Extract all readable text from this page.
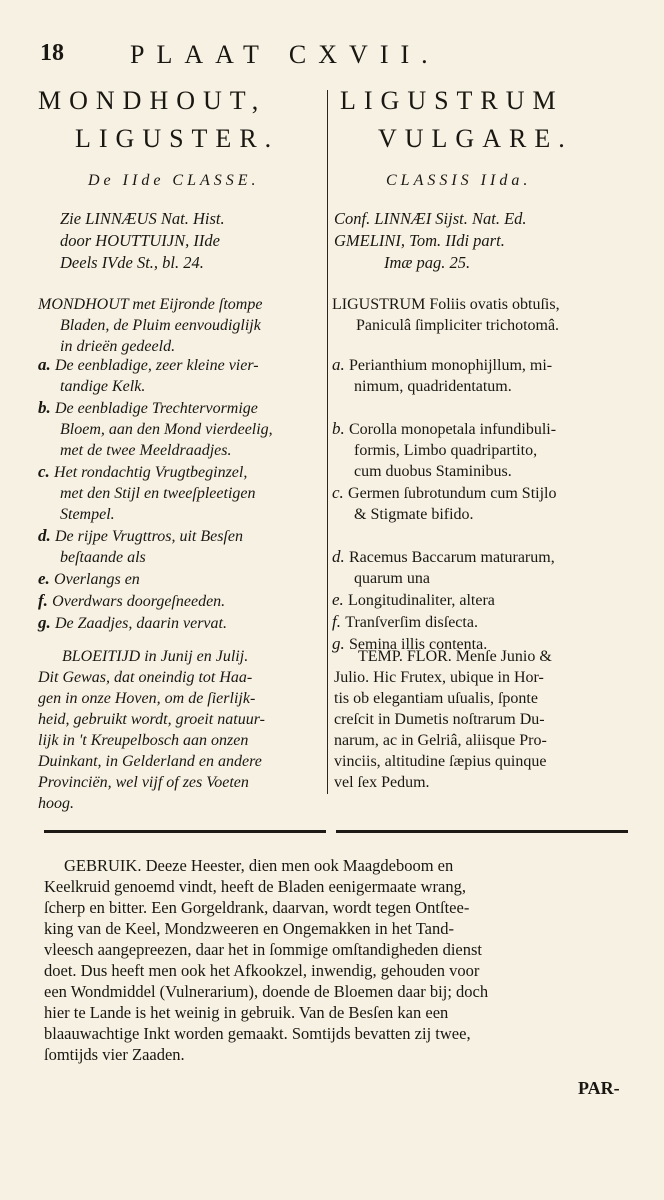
18	PLAAT CXVII.
MONDHOUT,
LIGUSTER.
LIGUSTRUM
VULGARE.
De IIde CLASSE.	CLASSIS IIda.
Zie LINNÆUS Nat. Hist.
door HOUTTUIJN, IIde
Deels IVde St., bl. 24.
Conf. LINNÆI Sijst. Nat. Ed.
GMELINI, Tom. IIdi part.
Imæ pag. 25.
MONDHOUT met Eijronde ſtompe
Bladen, de Pluim eenvoudiglijk
in drieën gedeeld.
LIGUSTRUM Foliis ovatis obtuſis,
Paniculâ ſimpliciter trichotomâ.
a. De eenbladige, zeer kleine vier-
tandige Kelk.
b. De eenbladige Trechtervormige
Bloem, aan den Mond vierdeelig,
met de twee Meeldraadjes.
c. Het rondachtig Vrugtbeginzel,
met den Stijl en tweeſpleetigen
Stempel.
d. De rijpe Vrugttros, uit Besſen
beſtaande als
e. Overlangs en
f. Overdwars doorgeſneeden.
g. De Zaadjes, daarin vervat.
a. Perianthium monophijllum, mi-
nimum, quadridentatum.
b. Corolla monopetala infundibuli-
formis, Limbo quadripartito,
cum duobus Staminibus.
c. Germen ſubrotundum cum Stijlo
& Stigmate bifido.
d. Racemus Baccarum maturarum,
quarum una
e. Longitudinaliter, altera
f. Tranſverſim disſecta.
g. Semina illis contenta.
BLOEITIJD in Junij en Julij.
Dit Gewas, dat oneindig tot Haa-
gen in onze Hoven, om de ſierlijk-
heid, gebruikt wordt, groeit natuur-
lijk in 't Kreupelbosch aan onzen
Duinkant, in Gelderland en andere
Provinciën, wel vijf of zes Voeten
hoog.
TEMP. FLOR. Menſe Junio &
Julio. Hic Frutex, ubique in Hor-
tis ob elegantiam uſualis, ſponte
creſcit in Dumetis noſtrarum Du-
narum, ac in Gelriâ, aliisque Pro-
vinciis, altitudine ſæpius quinque
vel ſex Pedum.

GEBRUIK. Deeze Heester, dien men ook Maagdeboom en

Keelkruid genoemd vindt, heeft de Bladen eenigermaate wrang,

ſcherp en bitter. Een Gorgeldrank, daarvan, wordt tegen Ontſtee-

king van de Keel, Mondzweeren en Ongemakken in het Tand-

vleesch aangepreezen, daar het in ſommige omſtandigheden dienst

doet. Dus heeft men ook het Afkookzel, inwendig, gehouden voor

een Wondmiddel (Vulnerarium), doende de Bloemen daar bij; doch

hier te Lande is het weinig in gebruik. Van de Besſen kan een

blaauwachtige Inkt worden gemaakt. Somtijds bevatten zij twee,

ſomtijds vier Zaaden.

PAR-
